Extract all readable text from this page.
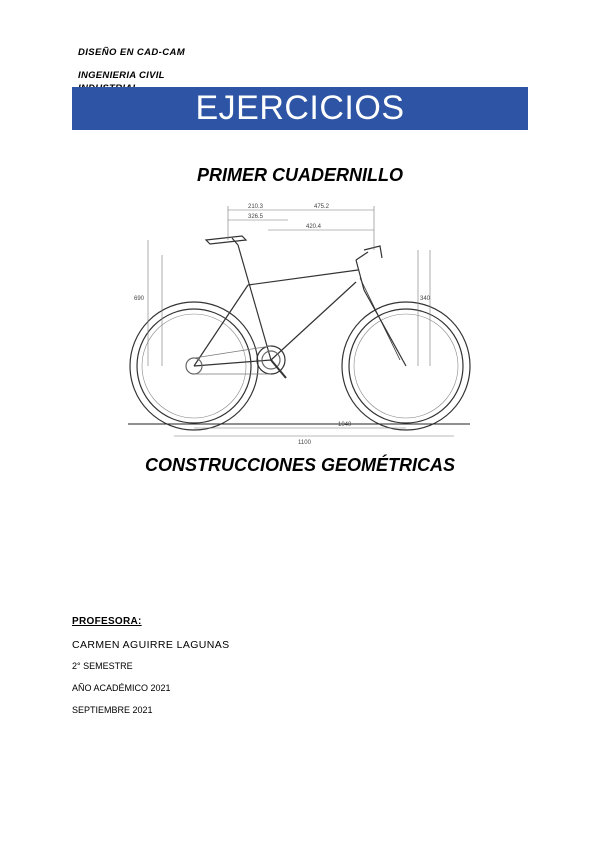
DISEÑO EN CAD-CAM
INGENIERIA CIVIL
EJERCICIOS
PRIMER CUADERNILLO
210.3	475.2
326.5
420.4
690	340
1100
1040
CONSTRUCCIONES GEOMÉTRICAS
PROFESORA:
CARMEN AGUIRRE LAGUNAS
2° SEMESTRE
AÑO ACADÉMICO 2021
SEPTIEMBRE 2021
